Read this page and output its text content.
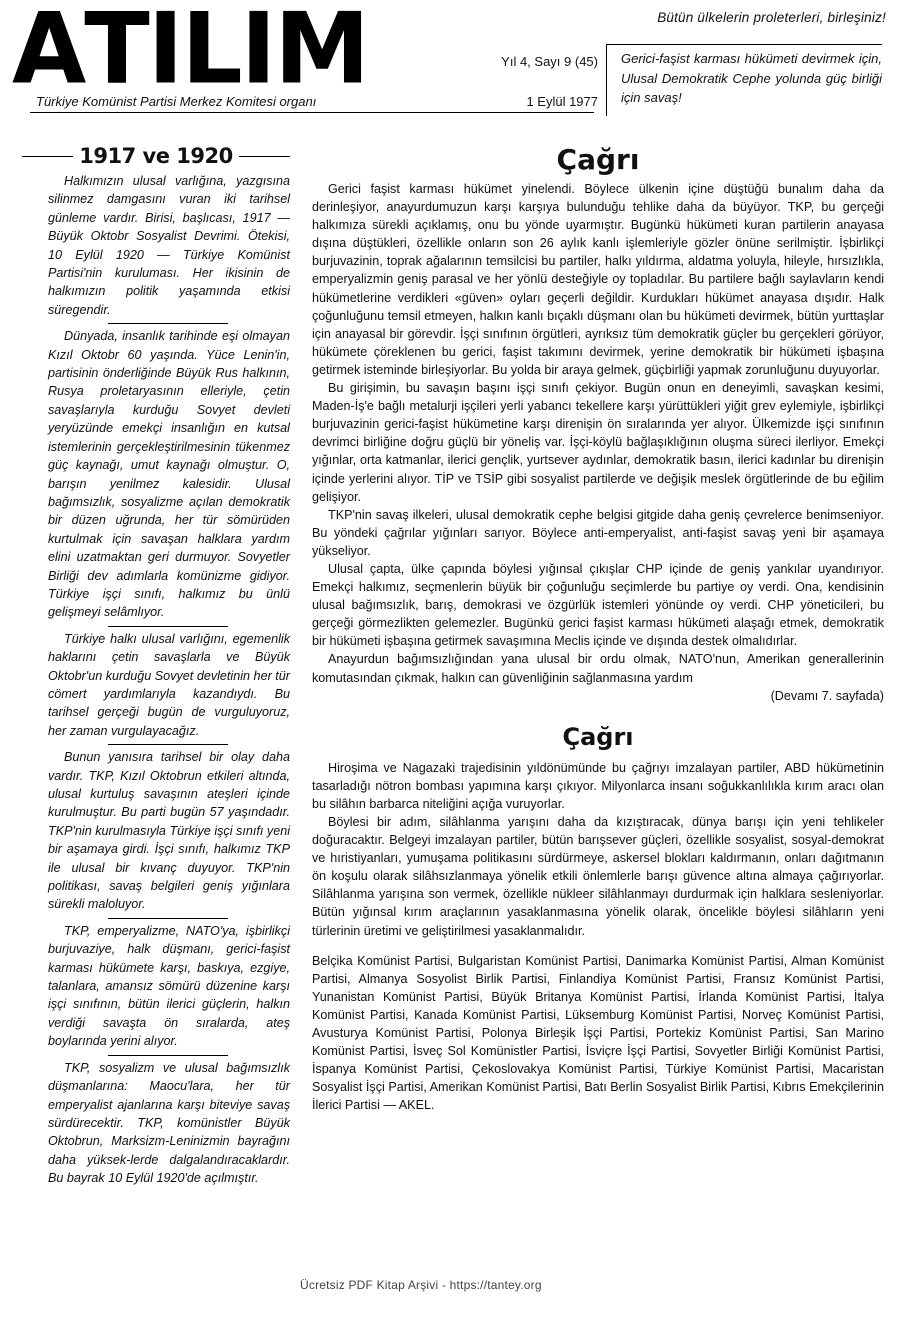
A T I L I M	Bütün ülkelerin proleterleri, birleşiniz!
Yıl 4, Sayı 9 (45)
1 Eylül 1977
Türkiye Komünist Partisi Merkez Komitesi organı

Gerici-faşist karması hükümeti devirmek için, Ulusal Demokratik Cephe yolunda güç birliği için savaş!

1917 ve 1920

Halkımızın ulusal varlığına, yazgısına silinmez damgasını vuran iki tarihsel günleme vardır. Birisi, başlıcası, 1917 — Büyük Oktobr Sosyalist Devrimi. Ötekisi, 10 Eylül 1920 — Türkiye Komünist Partisi'nin kuruluması. Her ikisinin de halkımızın politik yaşamında etkisi süregendir.

Dünyada, insanlık tarihinde eşi olmayan Kızıl Oktobr 60 yaşında. Yüce Lenin'in, partisinin önderliğinde Büyük Rus halkının, Rusya proletaryasının elleriyle, çetin savaşlarıyla kurduğu Sovyet devleti yeryüzünde emekçi insanlığın en kutsal istemlerinin gerçekleştirilmesinin tükenmez güç kaynağı, umut kaynağı olmuştur. O, barışın yenilmez kalesidir. Ulusal bağımsızlık, sosyalizme açılan demokratik bir düzen uğrunda, her tür sömürüden kurtulmak için savaşan halklara yardım elini uzatmaktan geri durmuyor. Sovyetler Birliği dev adımlarla komünizme gidiyor. Türkiye işçi sınıfı, halkımız bu ünlü gelişmeyi selâmlıyor.

Türkiye halkı ulusal varlığını, egemenlik haklarını çetin savaşlarla ve Büyük Oktobr'un kurduğu Sovyet devletinin her tür cömert yardımlarıyla kazandıydı. Bu tarihsel gerçeği bugün de vurguluyoruz, her zaman vurgulayacağız.

Bunun yanısıra tarihsel bir olay daha vardır. TKP, Kızıl Oktobrun etkileri altında, ulusal kurtuluş savaşının ateşleri içinde kurulmuştur. Bu parti bugün 57 yaşındadır. TKP'nin kurulmasıyla Türkiye işçi sınıfı yeni bir aşamaya girdi. İşçi sınıfı, halkımız TKP ile ulusal bir kıvanç duyuyor. TKP'nin politikası, savaş belgileri geniş yığınlara sürekli maloluyor.

TKP, emperyalizme, NATO'ya, işbirlikçi burjuvaziye, halk düşmanı, gerici-faşist karması hükümete karşı, baskıya, ezgiye, talanlara, amansız sömürü düzenine karşı işçi sınıfının, bütün ilerici güçlerin, halkın verdiği savaşta ön sıralarda, ateş boylarında yerini alıyor.

TKP, sosyalizm ve ulusal bağımsızlık düşmanlarına: Maocu'lara, her tür emperyalist ajanlarına karşı biteviye savaş sürdürecektir. TKP, komünistler Büyük Oktobrun, Marksizm-Leninizmin bayrağını daha yüksek-lerde dalgalandıracaklardır. Bu bayrak 10 Eylül 1920'de açılmıştır.

Çağrı

Gerici faşist karması hükümet yinelendi. Böylece ülkenin içine düştüğü bunalım daha da derinleşiyor, anayurdumuzun karşı karşıya bulunduğu tehlike daha da büyüyor. TKP, bu gerçeği halkımıza sürekli açıklamış, onu bu yönde uyarmıştır. Bugünkü hükümeti kuran partilerin anayasa dışına düştükleri, özellikle onların son 26 aylık kanlı işlemleriyle gözler önüne serilmiştir. İşbirlikçi burjuvazinin, toprak ağalarının temsilcisi bu partiler, halkı yıldırma, aldatma yoluyla, hileyle, hırsızlıkla, emperyalizmin geniş parasal ve her yönlü desteğiyle oy topladılar. Bu partilere bağlı saylavların kendi hükümetlerine verdikleri «güven» oyları geçerli değildir. Kurdukları hükümet anayasa dışıdır. Halk çoğunluğunu temsil etmeyen, halkın kanlı bıçaklı düşmanı olan bu hükümeti devirmek, bütün yurttaşlar için anayasal bir görevdir. İşçi sınıfının örgütleri, ayrıksız tüm demokratik güçler bu gerçekleri görüyor, hükümete çöreklenen bu gerici, faşist takımını devirmek, yerine demokratik bir hükümeti işbaşına getirmek isteminde birleşiyorlar. Bu yolda bir araya gelmek, güçbirliği yapmak zorunluğunu duyuyorlar.

Bu girişimin, bu savaşın başını işçi sınıfı çekiyor. Bugün onun en deneyimli, savaşkan kesimi, Maden-İş'e bağlı metalurji işçileri yerli yabancı tekellere karşı yürüttükleri yiğit grev eylemiyle, işbirlikçi burjuvazinin gerici-faşist hükümetine karşı direnişin ön sıralarında yer alıyor. Ülkemizde işçi sınıfının devrimci birliğine doğru güçlü bir yöneliş var. İşçi-köylü bağlaşıklığının oluşma süreci ilerliyor. Emekçi yığınlar, orta katmanlar, ilerici gençlik, yurtsever aydınlar, demokratik basın, ilerici kadınlar bu direnişin içinde yerlerini alıyor. TİP ve TSİP gibi sosyalist partilerde ve değişik meslek örgütlerinde de bu eğilim gelişiyor.

TKP'nin savaş ilkeleri, ulusal demokratik cephe belgisi gitgide daha geniş çevrelerce benimseniyor. Bu yöndeki çağrılar yığınları sarıyor. Böylece anti-emperyalist, anti-faşist savaş yeni bir aşamaya yükseliyor.

Ulusal çapta, ülke çapında böylesi yığınsal çıkışlar CHP içinde de geniş yankılar uyandırıyor. Emekçi halkımız, seçmenlerin büyük bir çoğunluğu seçimlerde bu partiye oy verdi. Ona, kendisinin ulusal bağımsızlık, barış, demokrasi ve özgürlük istemleri yönünde oy verdi. CHP yöneticileri, bu gerçeği görmezlikten gelemezler. Bugünkü gerici faşist karması hükümeti alaşağı etmek, demokratik bir hükümeti işbaşına getirmek savaşımına Meclis içinde ve dışında destek olmalıdırlar.

Anayurdun bağımsızlığından yana ulusal bir ordu olmak, NATO'nun, Amerikan generallerinin komutasından çıkmak, halkın can güvenliğinin sağlanmasına yardım

(Devamı 7. sayfada)

Çağrı

Hiroşima ve Nagazaki trajedisinin yıldönümünde bu çağrıyı imzalayan partiler, ABD hükümetinin tasarladığı nötron bombası yapımına karşı çıkıyor. Milyonlarca insanı soğukkanlılıkla kırım aracı olan bu silâhın barbarca niteliğini açığa vuruyorlar.

Böylesi bir adım, silâhlanma yarışını daha da kızıştıracak, dünya barışı için yeni tehlikeler doğuracaktır. Belgeyi imzalayan partiler, bütün barışsever güçleri, özellikle sosyalist, sosyal-demokrat ve hıristiyanları, yumuşama politikasını sürdürmeye, askersel blokları kaldırmanın, onları dağıtmanın ön koşulu olarak silâhsızlanmaya yönelik etkili önlemlerle barışı güvence altına almaya çağırıyorlar. Silâhlanma yarışına son vermek, özellikle nükleer silâhlanmayı durdurmak için halklara sesleniyorlar. Bütün yığınsal kırım araçlarının yasaklanmasına yönelik olarak, öncelikle böylesi silâhların yeni türlerinin üretimi ve geliştirilmesi yasaklanmalıdır.

Belçika Komünist Partisi, Bulgaristan Komünist Partisi, Danimarka Komünist Partisi, Alman Komünist Partisi, Almanya Sosyolist Birlik Partisi, Finlandiya Komünist Partisi, Fransız Komünist Partisi, Yunanistan Komünist Partisi, Büyük Britanya Komünist Partisi, İrlanda Komünist Partisi, İtalya Komünist Partisi, Kanada Komünist Partisi, Lüksemburg Komünist Partisi, Norveç Komünist Partisi, Avusturya Komünist Partisi, Polonya Birleşik İşçi Partisi, Portekiz Komünist Partisi, San Marino Komünist Partisi, İsveç Sol Komünistler Partisi, İsviçre İşçi Partisi, Sovyetler Birliği Komünist Partisi, İspanya Komünist Partisi, Çekoslovakya Komünist Partisi, Türkiye Komünist Partisi, Macaristan Sosyalist İşçi Partisi, Amerikan Komünist Partisi, Batı Berlin Sosyalist Birlik Partisi, Kıbrıs Emekçilerinin İlerici Partisi — AKEL.

Ücretsiz PDF Kitap Arşivi - https://tantey.org
